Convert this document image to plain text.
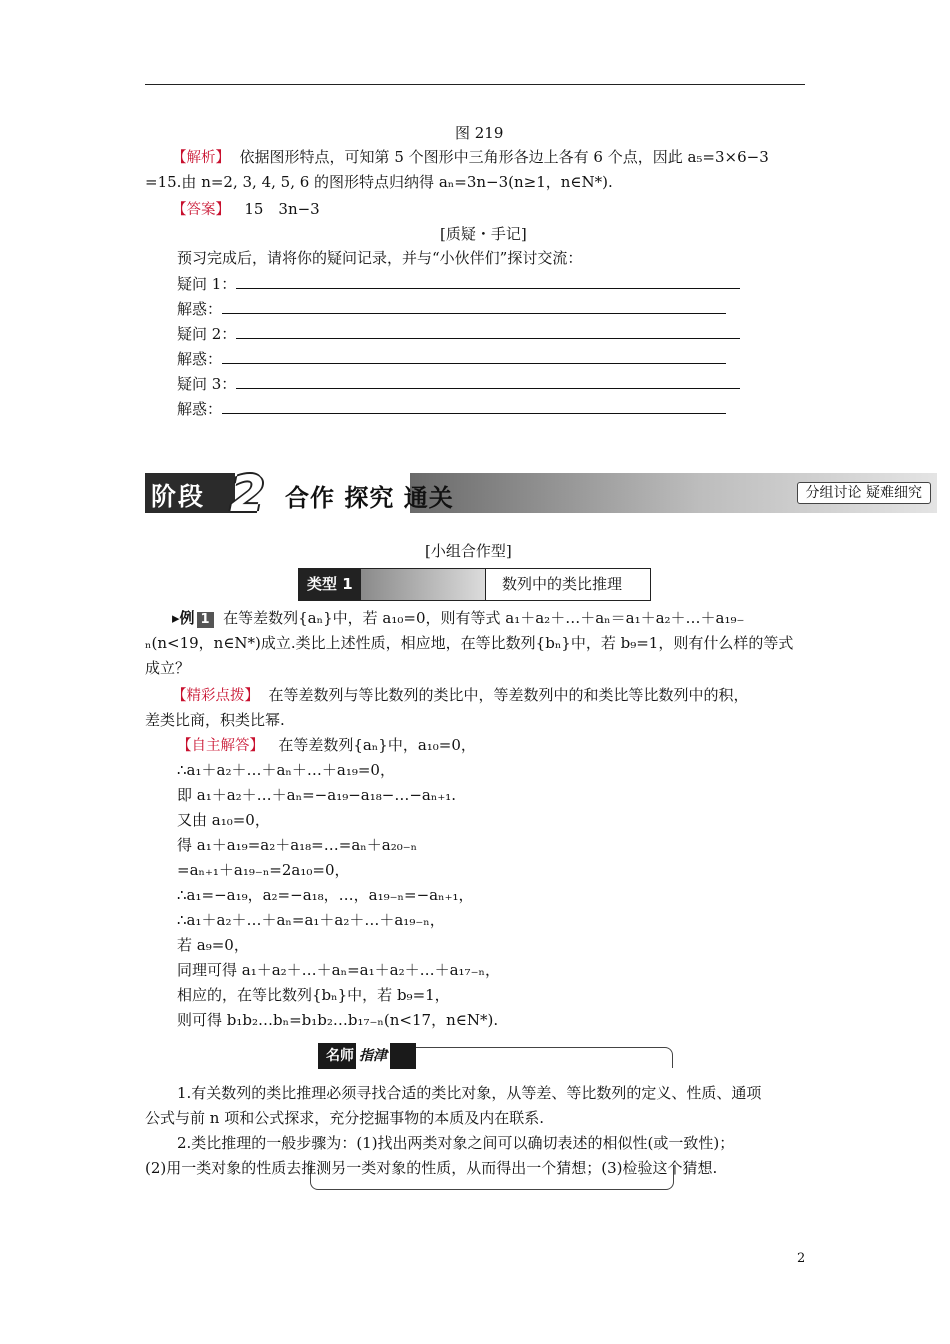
图 219
【解析】 依据图形特点，可知第 5 个图形中三角形各边上各有 6 个点，因此 a₅=3×6−3
=15.由 n=2, 3, 4, 5, 6 的图形特点归纳得 aₙ=3n−3(n≥1，n∈N*).
【答案】 15　3n−3
[质疑・手记]
预习完成后，请将你的疑问记录，并与“小伙伴们”探讨交流：
疑问 1：
解惑：
疑问 2：
解惑：
疑问 3：
解惑：
阶段 2 合作 探究 通关	分组讨论 疑难细究
[小组合作型]
类型 1	数列中的类比推理
▸例 1 在等差数列{aₙ}中，若 a₁₀=0，则有等式 a₁＋a₂＋…＋aₙ＝a₁＋a₂＋…＋a₁₉₋
ₙ(n<19，n∈N*)成立.类比上述性质，相应地，在等比数列{bₙ}中，若 b₉=1，则有什么样的等式
成立？
【精彩点拨】 在等差数列与等比数列的类比中，等差数列中的和类比等比数列中的积，
差类比商，积类比幂.
【自主解答】 在等差数列{aₙ}中，a₁₀=0，
∴a₁＋a₂＋…＋aₙ＋…＋a₁₉=0，
即 a₁＋a₂＋…＋aₙ=−a₁₉−a₁₈−…−aₙ₊₁.
又由 a₁₀=0，
得 a₁＋a₁₉=a₂＋a₁₈=…=aₙ＋a₂₀₋ₙ
=aₙ₊₁＋a₁₉₋ₙ=2a₁₀=0，
∴a₁=−a₁₉，a₂=−a₁₈，…，a₁₉₋ₙ=−aₙ₊₁，
∴a₁＋a₂＋…＋aₙ=a₁＋a₂＋…＋a₁₉₋ₙ，
若 a₉=0，
同理可得 a₁＋a₂＋…＋aₙ=a₁＋a₂＋…＋a₁₇₋ₙ，
相应的，在等比数列{bₙ}中，若 b₉=1，
则可得 b₁b₂…bₙ=b₁b₂…b₁₇₋ₙ(n<17，n∈N*).
名师 指津
1.有关数列的类比推理必须寻找合适的类比对象，从等差、等比数列的定义、性质、通项
公式与前 n 项和公式探求，充分挖掘事物的本质及内在联系.
2.类比推理的一般步骤为：(1)找出两类对象之间可以确切表述的相似性(或一致性)；
(2)用一类对象的性质去推测另一类对象的性质，从而得出一个猜想；(3)检验这个猜想.
2
